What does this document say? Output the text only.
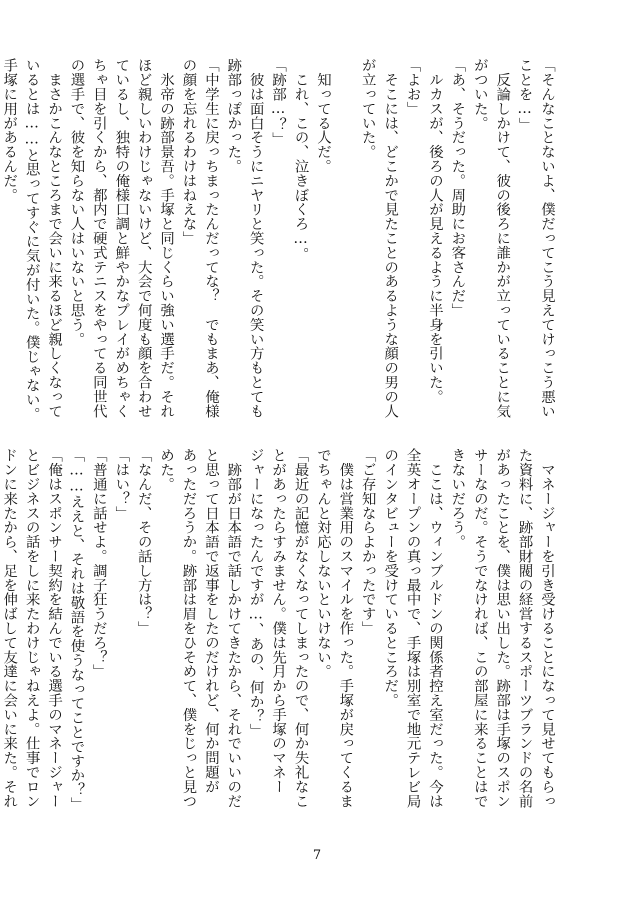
「そんなことないよ、僕だってこう見えてけっこう悪い
ことを…」
　反論しかけて、彼の後ろに誰かが立っていることに気
がついた。
「あ、そうだった。周助にお客さんだ」
　ルカスが、後ろの人が見えるように半身を引いた。
「よお」
　そこには、どこかで見たことのあるような顔の男の人
が立っていた。

　知ってる人だ。
　これ、この、泣きぼくろ…。
「跡部…？」
　彼は面白そうにニヤリと笑った。その笑い方もとても
跡部っぽかった。
「中学生に戻っちまったんだってな？　でもまあ、俺様
の顔を忘れるわけはねえな」
　氷帝の跡部景吾。手塚と同じくらい強い選手だ。それ
ほど親しいわけじゃないけど、大会で何度も顔を合わせ
ているし、独特の俺様口調と鮮やかなプレイがめちゃく
ちゃ目を引くから、都内で硬式テニスをやってる同世代
の選手で、彼を知らない人はいないと思う。
　まさかこんなところまで会いに来るほど親しくなって
いるとは……と思ってすぐに気が付いた。僕じゃない。
手塚に用があるんだ。
　マネージャーを引き受けることになって見せてもらっ
た資料に、跡部財閥の経営するスポーツブランドの名前
があったことを、僕は思い出した。跡部は手塚のスポン
サーなのだ。そうでなければ、この部屋に来ることはで
きないだろう。
　ここは、ウィンブルドンの関係者控え室だった。今は
全英オープンの真っ最中で、手塚は別室で地元テレビ局
のインタビューを受けているところだ。
「ご存知ならよかったです」
　僕は営業用のスマイルを作った。手塚が戻ってくるま
でちゃんと対応しないといけない。
「最近の記憶がなくなってしまったので、何か失礼なこ
とがあったらすみません。僕は先月から手塚のマネー
ジャーになったんですが…、あの、何か？」
　跡部が日本語で話しかけてきたから、それでいいのだ
と思って日本語で返事をしたのだけれど、何か問題が
あっただろうか。跡部は眉をひそめて、僕をじっと見つ
めた。
「なんだ、その話し方は？」
「はい？」
「普通に話せよ。調子狂うだろ？」
「……ええと、それは敬語を使うなってことですか？」
「俺はスポンサー契約を結んでいる選手のマネージャー
とビジネスの話をしに来たわけじゃねえよ。仕事でロン
ドンに来たから、足を伸ばして友達に会いに来た。それ
7
